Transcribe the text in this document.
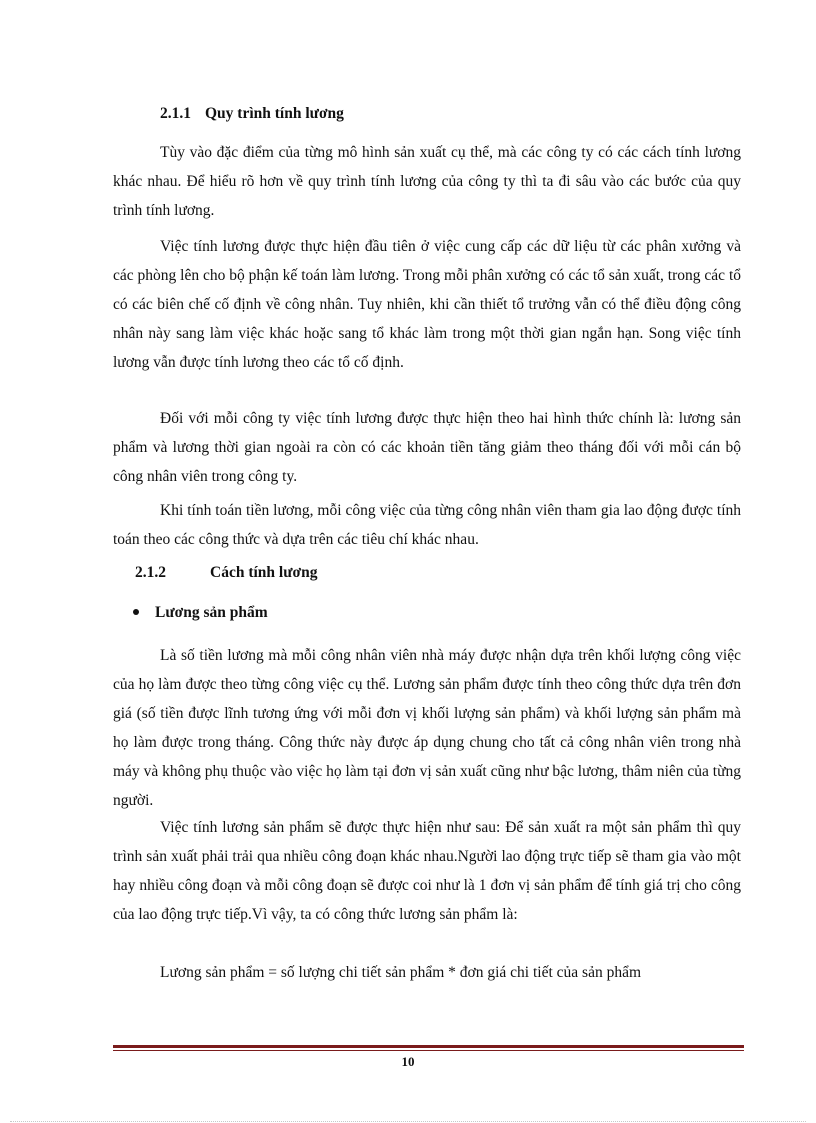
2.1.1 Quy trình tính lương

Tùy vào đặc điểm của từng mô hình sản xuất cụ thể, mà các công ty có các cách tính lương khác nhau. Để hiểu rõ hơn về quy trình tính lương của công ty thì ta đi sâu vào các bước của quy trình tính lương.

Việc tính lương được thực hiện đầu tiên ở việc cung cấp các dữ liệu từ các phân xưởng và các phòng lên cho bộ phận kế toán làm lương. Trong mỗi phân xưởng có các tổ sản xuất, trong các tổ có các biên chế cố định về công nhân. Tuy nhiên, khi cần thiết tổ trưởng vẫn có thể điều động công nhân này sang làm việc khác hoặc sang tổ khác làm trong một thời gian ngắn hạn. Song việc tính lương vẫn được tính lương theo các tổ cố định.

Đối với mỗi công ty việc tính lương được thực hiện theo hai hình thức chính là: lương sản phẩm và lương thời gian ngoài ra còn có các khoản tiền tăng giảm theo tháng đối với mỗi cán bộ công nhân viên trong công ty.

Khi tính toán tiền lương, mỗi công việc của từng công nhân viên tham gia lao động được tính toán theo các công thức và dựa trên các tiêu chí khác nhau.

2.1.2	Cách tính lương
Lương sản phẩm

Là số tiền lương mà mỗi công nhân viên nhà máy được nhận dựa trên khối lượng công việc của họ làm được theo từng công việc cụ thể. Lương sản phẩm được tính theo công thức dựa trên đơn giá (số tiền được lĩnh tương ứng với mỗi đơn vị khối lượng sản phẩm) và khối lượng sản phẩm mà họ làm được trong tháng. Công thức này được áp dụng chung cho tất cả công nhân viên trong nhà máy và không phụ thuộc vào việc họ làm tại đơn vị sản xuất cũng như bậc lương, thâm niên của từng người.

Việc tính lương sản phẩm sẽ được thực hiện như sau: Để sản xuất ra một sản phẩm thì quy trình sản xuất phải trải qua nhiều công đoạn khác nhau.Người lao động trực tiếp sẽ tham gia vào một hay nhiều công đoạn và mỗi công đoạn sẽ được coi như là 1 đơn vị sản phẩm để tính giá trị cho công của lao động trực tiếp.Vì vậy, ta có công thức lương sản phẩm là:

Lương sản phẩm = số lượng chi tiết sản phẩm * đơn giá chi tiết của sản phẩm
10
